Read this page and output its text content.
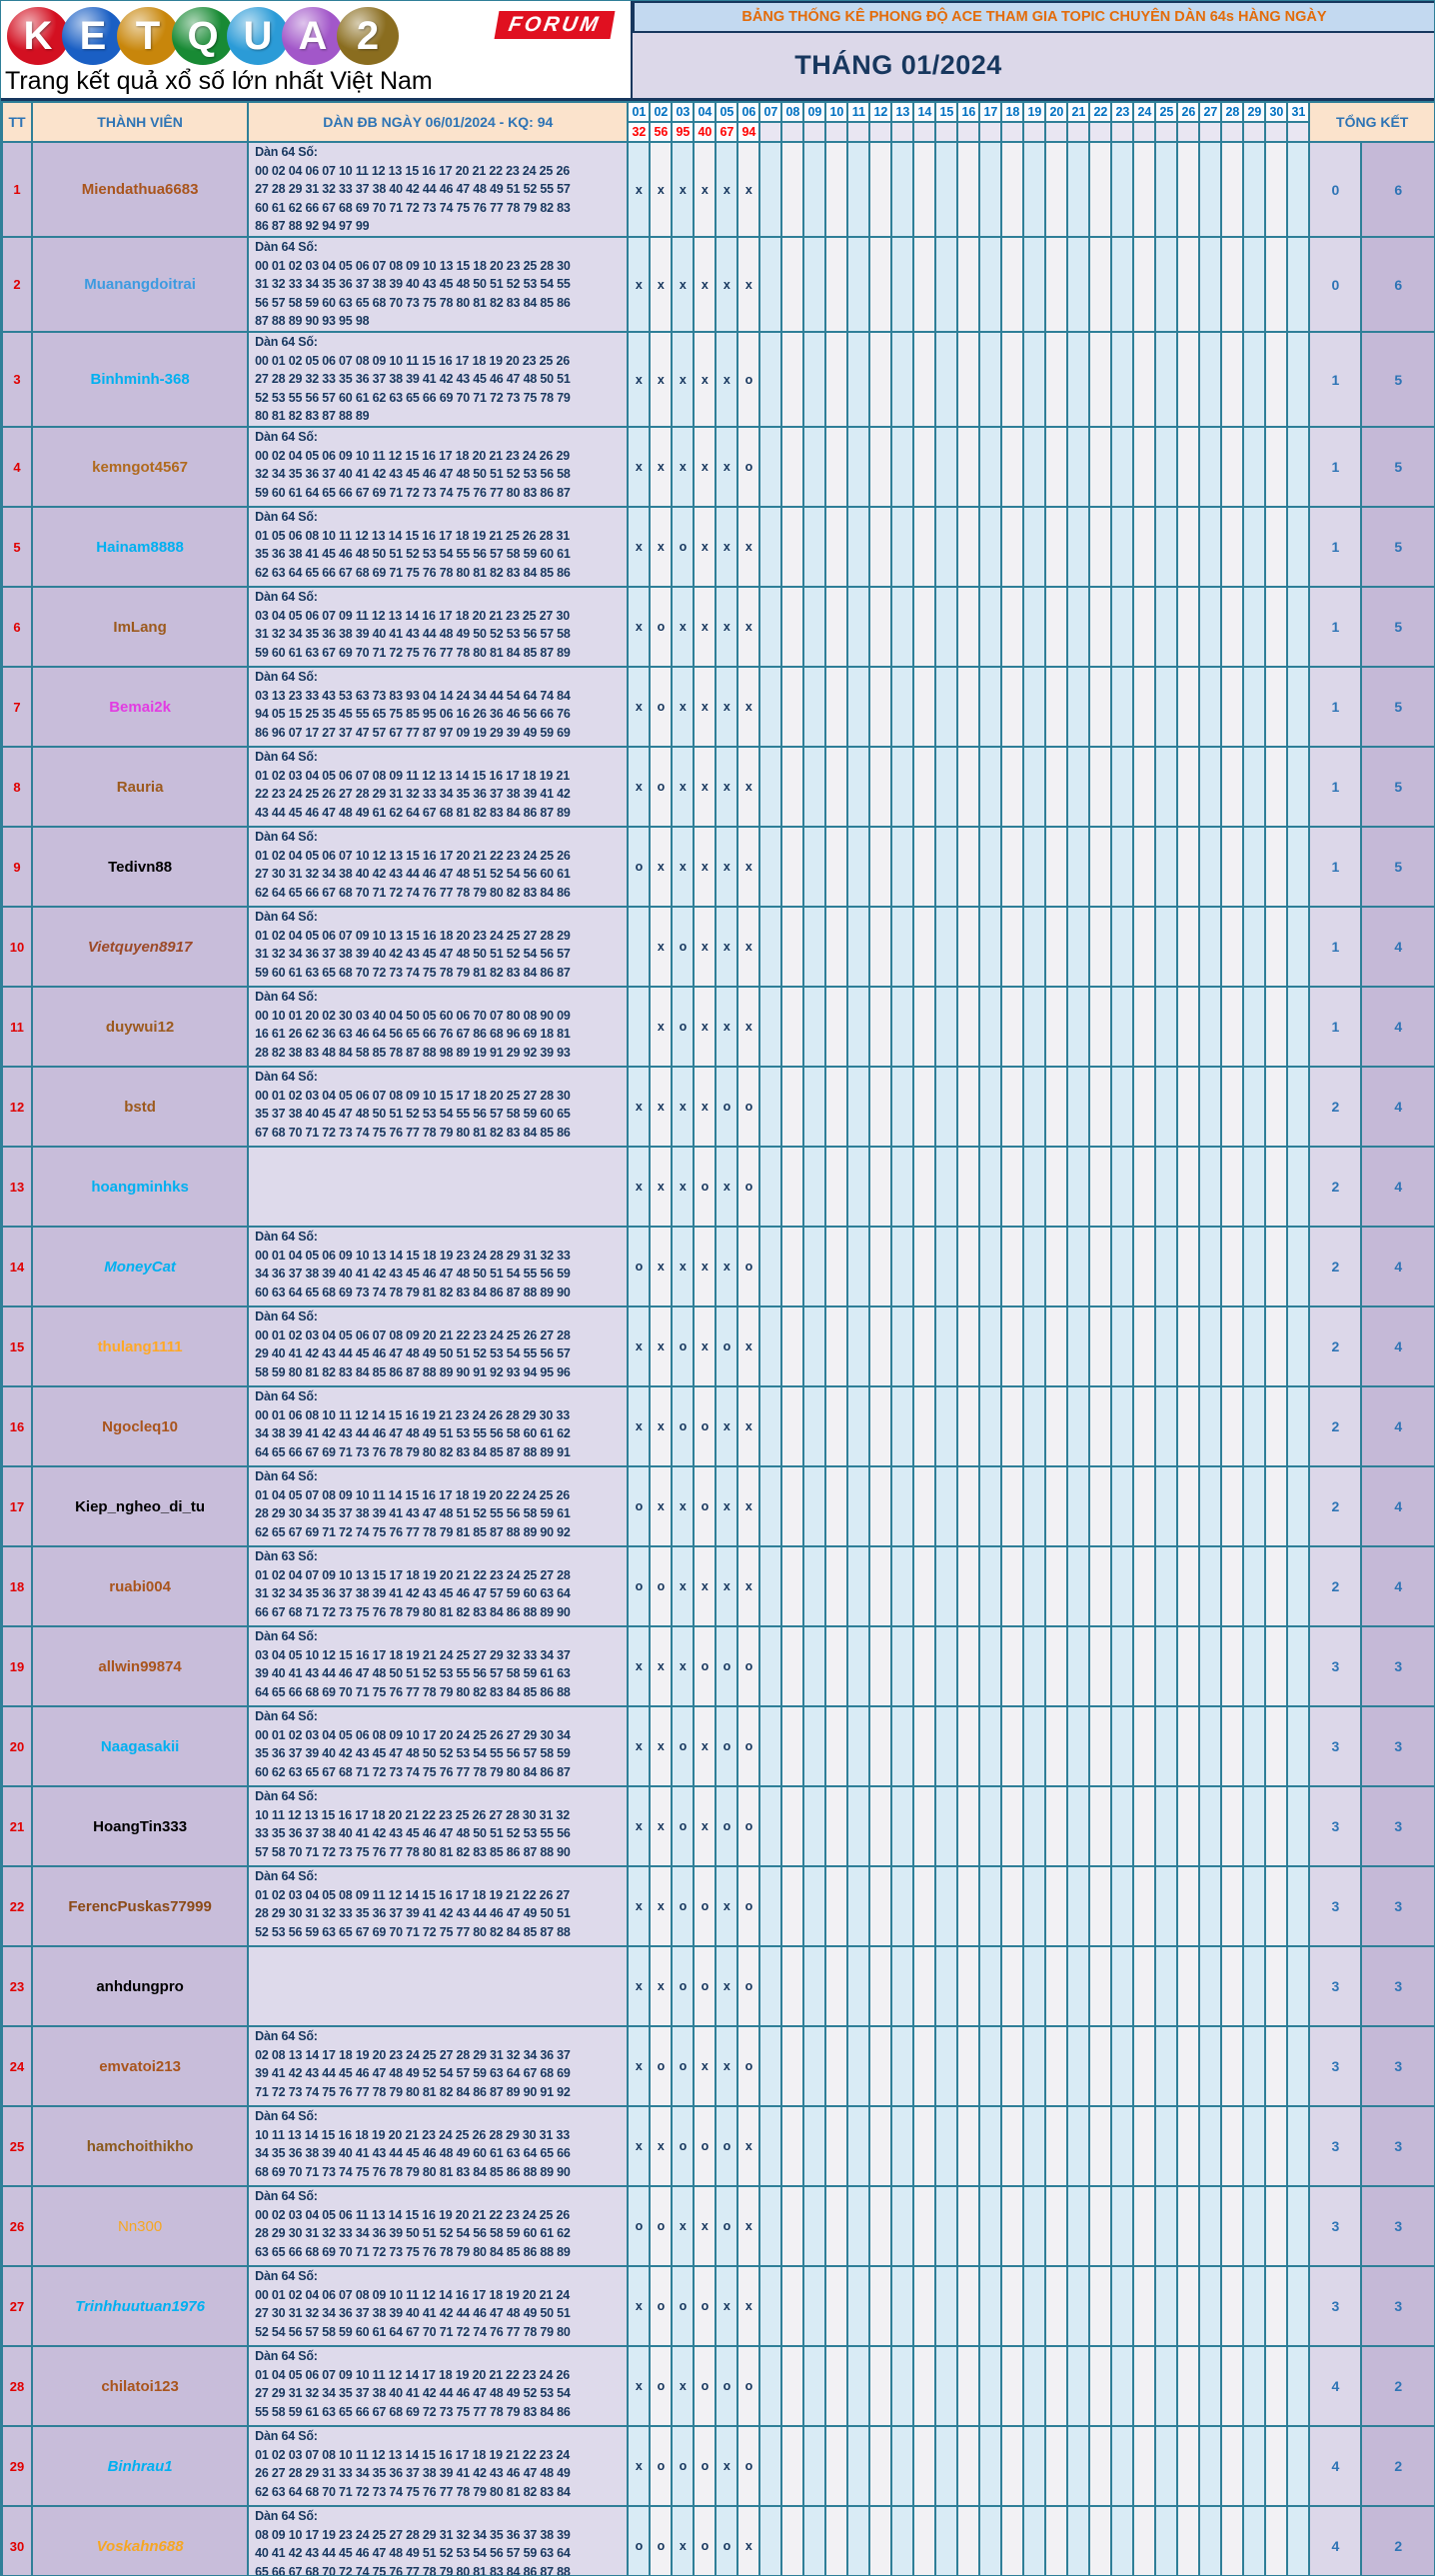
K E T Q U A 2	FORUM
Trang kết quả xổ số lớn nhất Việt Nam
BẢNG THỐNG KÊ PHONG ĐỘ ACE THAM GIA TOPIC CHUYÊN DÀN 64s HÀNG NGÀY
THÁNG 01/2024
TT	THÀNH VIÊN	DÀN ĐB NGÀY 06/01/2024 - KQ: 94	01	02	03	04	05	06	07	08	09	10	11	12	13	14	15	16	17	18	19	20	21	22	23	24	25	26	27	28	29	30	31	TỔNG KẾT	
			32	56	95	40	67	94																											
1	Miendathua6683	Dàn 64 Số:
00 02 04 06 07 10 11 12 13 15 16 17 20 21 22 23 24 25 26
27 28 29 31 32 33 37 38 40 42 44 46 47 48 49 51 52 55 57
60 61 62 66 67 68 69 70 71 72 73 74 75 76 77 78 79 82 83
86 87 88 92 94 97 99	x	x	x	x	x	x																										0	6
2	Muanangdoitrai	Dàn 64 Số:
00 01 02 03 04 05 06 07 08 09 10 13 15 18 20 23 25 28 30
31 32 33 34 35 36 37 38 39 40 43 45 48 50 51 52 53 54 55
56 57 58 59 60 63 65 68 70 73 75 78 80 81 82 83 84 85 86
87 88 89 90 93 95 98	x	x	x	x	x	x																										0	6
3	Binhminh-368	Dàn 64 Số:
00 01 02 05 06 07 08 09 10 11 15 16 17 18 19 20 23 25 26
27 28 29 32 33 35 36 37 38 39 41 42 43 45 46 47 48 50 51
52 53 55 56 57 60 61 62 63 65 66 69 70 71 72 73 75 78 79
80 81 82 83 87 88 89	x	x	x	x	x	o																										1	5
4	kemngot4567	Dàn 64 Số:
00 02 04 05 06 09 10 11 12 15 16 17 18 20 21 23 24 26 29
32 34 35 36 37 40 41 42 43 45 46 47 48 50 51 52 53 56 58
59 60 61 64 65 66 67 69 71 72 73 74 75 76 77 80 83 86 87	x	x	x	x	x	o																										1	5
5	Hainam8888	Dàn 64 Số:
01 05 06 08 10 11 12 13 14 15 16 17 18 19 21 25 26 28 31
35 36 38 41 45 46 48 50 51 52 53 54 55 56 57 58 59 60 61
62 63 64 65 66 67 68 69 71 75 76 78 80 81 82 83 84 85 86	x	x	o	x	x	x																										1	5
6	ImLang	Dàn 64 Số:
03 04 05 06 07 09 11 12 13 14 16 17 18 20 21 23 25 27 30
31 32 34 35 36 38 39 40 41 43 44 48 49 50 52 53 56 57 58
59 60 61 63 67 69 70 71 72 75 76 77 78 80 81 84 85 87 89	x	o	x	x	x	x																										1	5
7	Bemai2k	Dàn 64 Số:
03 13 23 33 43 53 63 73 83 93 04 14 24 34 44 54 64 74 84
94 05 15 25 35 45 55 65 75 85 95 06 16 26 36 46 56 66 76
86 96 07 17 27 37 47 57 67 77 87 97 09 19 29 39 49 59 69	x	o	x	x	x	x																										1	5
8	Rauria	Dàn 64 Số:
01 02 03 04 05 06 07 08 09 11 12 13 14 15 16 17 18 19 21
22 23 24 25 26 27 28 29 31 32 33 34 35 36 37 38 39 41 42
43 44 45 46 47 48 49 61 62 64 67 68 81 82 83 84 86 87 89	x	o	x	x	x	x																										1	5
9	Tedivn88	Dàn 64 Số:
01 02 04 05 06 07 10 12 13 15 16 17 20 21 22 23 24 25 26
27 30 31 32 34 38 40 42 43 44 46 47 48 51 52 54 56 60 61
62 64 65 66 67 68 70 71 72 74 76 77 78 79 80 82 83 84 86	o	x	x	x	x	x																										1	5
10	Vietquyen8917	Dàn 64 Số:
01 02 04 05 06 07 09 10 13 15 16 18 20 23 24 25 27 28 29
31 32 34 36 37 38 39 40 42 43 45 47 48 50 51 52 54 56 57
59 60 61 63 65 68 70 72 73 74 75 78 79 81 82 83 84 86 87		x	o	x	x	x																										1	4
11	duywui12	Dàn 64 Số:
00 10 01 20 02 30 03 40 04 50 05 60 06 70 07 80 08 90 09
16 61 26 62 36 63 46 64 56 65 66 76 67 86 68 96 69 18 81
28 82 38 83 48 84 58 85 78 87 88 98 89 19 91 29 92 39 93		x	o	x	x	x																										1	4
12	bstd	Dàn 64 Số:
00 01 02 03 04 05 06 07 08 09 10 15 17 18 20 25 27 28 30
35 37 38 40 45 47 48 50 51 52 53 54 55 56 57 58 59 60 65
67 68 70 71 72 73 74 75 76 77 78 79 80 81 82 83 84 85 86	x	x	x	x	o	o																										2	4
13	hoangminhks		x	x	x	o	x	o																										2	4
14	MoneyCat	Dàn 64 Số:
00 01 04 05 06 09 10 13 14 15 18 19 23 24 28 29 31 32 33
34 36 37 38 39 40 41 42 43 45 46 47 48 50 51 54 55 56 59
60 63 64 65 68 69 73 74 78 79 81 82 83 84 86 87 88 89 90	o	x	x	x	x	o																										2	4
15	thulang1111	Dàn 64 Số:
00 01 02 03 04 05 06 07 08 09 20 21 22 23 24 25 26 27 28
29 40 41 42 43 44 45 46 47 48 49 50 51 52 53 54 55 56 57
58 59 80 81 82 83 84 85 86 87 88 89 90 91 92 93 94 95 96	x	x	o	x	o	x																										2	4
16	Ngocleq10	Dàn 64 Số:
00 01 06 08 10 11 12 14 15 16 19 21 23 24 26 28 29 30 33
34 38 39 41 42 43 44 46 47 48 49 51 53 55 56 58 60 61 62
64 65 66 67 69 71 73 76 78 79 80 82 83 84 85 87 88 89 91	x	x	o	o	x	x																										2	4
17	Kiep_ngheo_di_tu	Dàn 64 Số:
01 04 05 07 08 09 10 11 14 15 16 17 18 19 20 22 24 25 26
28 29 30 34 35 37 38 39 41 43 47 48 51 52 55 56 58 59 61
62 65 67 69 71 72 74 75 76 77 78 79 81 85 87 88 89 90 92	o	x	x	o	x	x																										2	4
18	ruabi004	Dàn 63 Số:
01 02 04 07 09 10 13 15 17 18 19 20 21 22 23 24 25 27 28
31 32 34 35 36 37 38 39 41 42 43 45 46 47 57 59 60 63 64
66 67 68 71 72 73 75 76 78 79 80 81 82 83 84 86 88 89 90	o	o	x	x	x	x																										2	4
19	allwin99874	Dàn 64 Số:
03 04 05 10 12 15 16 17 18 19 21 24 25 27 29 32 33 34 37
39 40 41 43 44 46 47 48 50 51 52 53 55 56 57 58 59 61 63
64 65 66 68 69 70 71 75 76 77 78 79 80 82 83 84 85 86 88	x	x	x	o	o	o																										3	3
20	Naagasakii	Dàn 64 Số:
00 01 02 03 04 05 06 08 09 10 17 20 24 25 26 27 29 30 34
35 36 37 39 40 42 43 45 47 48 50 52 53 54 55 56 57 58 59
60 62 63 65 67 68 71 72 73 74 75 76 77 78 79 80 84 86 87	x	x	o	x	o	o																										3	3
21	HoangTin333	Dàn 64 Số:
10 11 12 13 15 16 17 18 20 21 22 23 25 26 27 28 30 31 32
33 35 36 37 38 40 41 42 43 45 46 47 48 50 51 52 53 55 56
57 58 70 71 72 73 75 76 77 78 80 81 82 83 85 86 87 88 90	x	x	o	x	o	o																										3	3
22	FerencPuskas77999	Dàn 64 Số:
01 02 03 04 05 08 09 11 12 14 15 16 17 18 19 21 22 26 27
28 29 30 31 32 33 35 36 37 39 41 42 43 44 46 47 49 50 51
52 53 56 59 63 65 67 69 70 71 72 75 77 80 82 84 85 87 88	x	x	o	o	x	o																										3	3
23	anhdungpro		x	x	o	o	x	o																										3	3
24	emvatoi213	Dàn 64 Số:
02 08 13 14 17 18 19 20 23 24 25 27 28 29 31 32 34 36 37
39 41 42 43 44 45 46 47 48 49 52 54 57 59 63 64 67 68 69
71 72 73 74 75 76 77 78 79 80 81 82 84 86 87 89 90 91 92	x	o	o	x	x	o																										3	3
25	hamchoithikho	Dàn 64 Số:
10 11 13 14 15 16 18 19 20 21 23 24 25 26 28 29 30 31 33
34 35 36 38 39 40 41 43 44 45 46 48 49 60 61 63 64 65 66
68 69 70 71 73 74 75 76 78 79 80 81 83 84 85 86 88 89 90	x	x	o	o	o	x																										3	3
26	Nn300	Dàn 64 Số:
00 02 03 04 05 06 11 13 14 15 16 19 20 21 22 23 24 25 26
28 29 30 31 32 33 34 36 39 50 51 52 54 56 58 59 60 61 62
63 65 66 68 69 70 71 72 73 75 76 78 79 80 84 85 86 88 89	o	o	x	x	o	x																										3	3
27	Trinhhuutuan1976	Dàn 64 Số:
00 01 02 04 06 07 08 09 10 11 12 14 16 17 18 19 20 21 24
27 30 31 32 34 36 37 38 39 40 41 42 44 46 47 48 49 50 51
52 54 56 57 58 59 60 61 64 67 70 71 72 74 76 77 78 79 80	x	o	o	o	x	x																										3	3
28	chilatoi123	Dàn 64 Số:
01 04 05 06 07 09 10 11 12 14 17 18 19 20 21 22 23 24 26
27 29 31 32 34 35 37 38 40 41 42 44 46 47 48 49 52 53 54
55 58 59 61 63 65 66 67 68 69 72 73 75 77 78 79 83 84 86	x	o	x	o	o	o																										4	2
29	Binhrau1	Dàn 64 Số:
01 02 03 07 08 10 11 12 13 14 15 16 17 18 19 21 22 23 24
26 27 28 29 31 33 34 35 36 37 38 39 41 42 43 46 47 48 49
62 63 64 68 70 71 72 73 74 75 76 77 78 79 80 81 82 83 84	x	o	o	o	x	o																										4	2
30	Voskahn688	Dàn 64 Số:
08 09 10 17 19 23 24 25 27 28 29 31 32 34 35 36 37 38 39
40 41 42 43 44 45 46 47 48 49 51 52 53 54 56 57 59 63 64
65 66 67 68 70 72 74 75 76 77 78 79 80 81 83 84 86 87 88	o	o	x	o	o	x																										4	2
